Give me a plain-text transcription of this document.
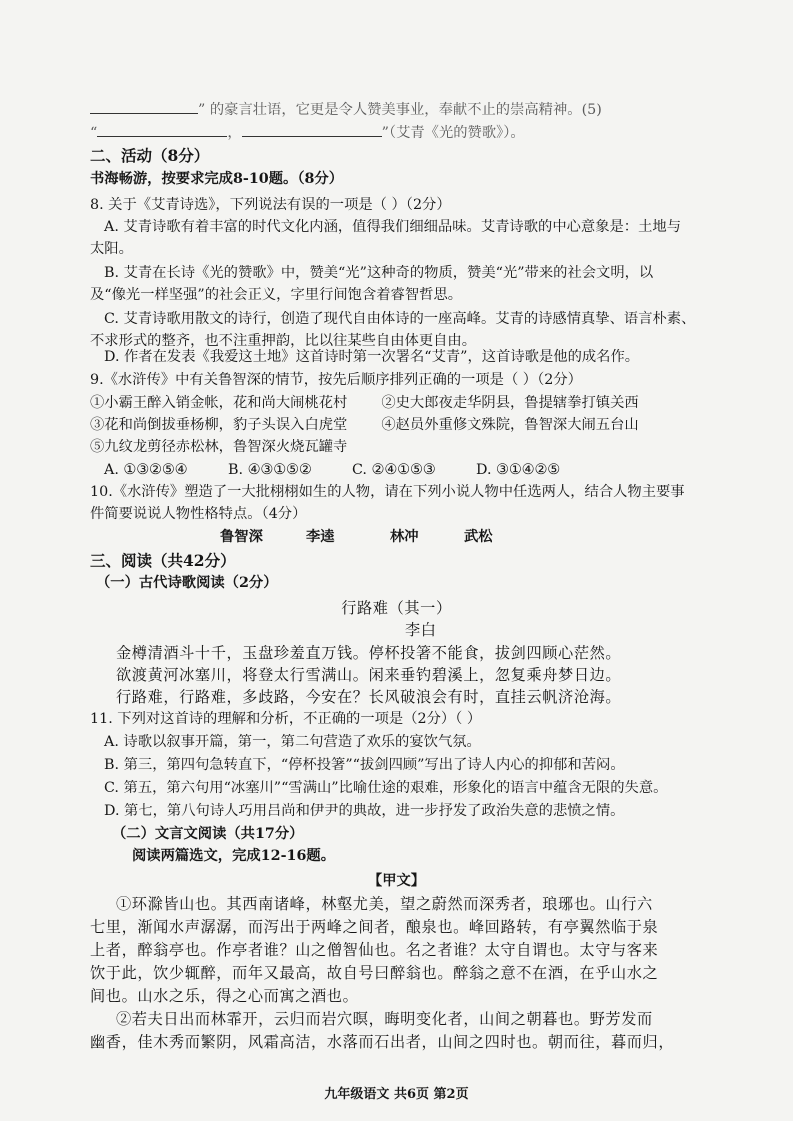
” 的豪言壮语，它更是令人赞美事业，奉献不止的崇高精神。(5)
“	，	”（艾青《光的赞歌》）。
二、活动（8分）
书海畅游，按要求完成8-10题。（8分）
8. 关于《艾青诗选》，下列说法有误的一项是（ ）（2分）
A. 艾青诗歌有着丰富的时代文化内涵，值得我们细细品味。艾青诗歌的中心意象是：土地与
太阳。
B. 艾青在长诗《光的赞歌》中，赞美“光”这种奇的物质，赞美“光”带来的社会文明，以
及“像光一样坚强”的社会正义，字里行间饱含着睿智哲思。
C. 艾青诗歌用散文的诗行，创造了现代自由体诗的一座高峰。艾青的诗感情真挚、语言朴素、
不求形式的整齐，也不注重押韵，比以往某些自由体更自由。
D. 作者在发表《我爱这土地》这首诗时第一次署名“艾青”，这首诗歌是他的成名作。
9.《水浒传》中有关鲁智深的情节，按先后顺序排列正确的一项是（ ）（2分）
①小霸王醉入销金帐，花和尚大闹桃花村 ②史大郎夜走华阴县，鲁提辖拳打镇关西
③花和尚倒拔垂杨柳，豹子头误入白虎堂 ④赵员外重修文殊院，鲁智深大闹五台山
⑤九纹龙剪径赤松林，鲁智深火烧瓦罐寺
A. ①③②⑤④	B. ④③①⑤②	C. ②④①⑤③	D. ③①④②⑤
10.《水浒传》塑造了一大批栩栩如生的人物，请在下列小说人物中任选两人，结合人物主要事
件简要说说人物性格特点。（4分）
鲁智深	李逵	林冲	武松
三、阅读（共42分）
（一）古代诗歌阅读（2分）
行路难（其一）
李白
金樽清酒斗十千，玉盘珍羞直万钱。停杯投箸不能食，拔剑四顾心茫然。
欲渡黄河冰塞川，将登太行雪满山。闲来垂钓碧溪上，忽复乘舟梦日边。
行路难，行路难，多歧路，今安在？长风破浪会有时，直挂云帆济沧海。
11. 下列对这首诗的理解和分析，不正确的一项是（2分）（ ）
A. 诗歌以叙事开篇，第一，第二句营造了欢乐的宴饮气氛。
B. 第三，第四句急转直下，“停杯投箸”“拔剑四顾”写出了诗人内心的抑郁和苦闷。
C. 第五，第六句用“冰塞川”“雪满山”比喻仕途的艰难，形象化的语言中蕴含无限的失意。
D. 第七，第八句诗人巧用吕尚和伊尹的典故，进一步抒发了政治失意的悲愤之情。
（二）文言文阅读（共17分）
阅读两篇选文，完成12-16题。
【甲文】
①环滁皆山也。其西南诸峰，林壑尤美，望之蔚然而深秀者，琅琊也。山行六
七里，渐闻水声潺潺，而泻出于两峰之间者，酿泉也。峰回路转，有亭翼然临于泉
上者，醉翁亭也。作亭者谁？山之僧智仙也。名之者谁？太守自谓也。太守与客来
饮于此，饮少辄醉，而年又最高，故自号曰醉翁也。醉翁之意不在酒，在乎山水之
间也。山水之乐，得之心而寓之酒也。
②若夫日出而林霏开，云归而岩穴暝，晦明变化者，山间之朝暮也。野芳发而
幽香，佳木秀而繁阴，风霜高洁，水落而石出者，山间之四时也。朝而往，暮而归，
九年级语文 共6页 第2页
